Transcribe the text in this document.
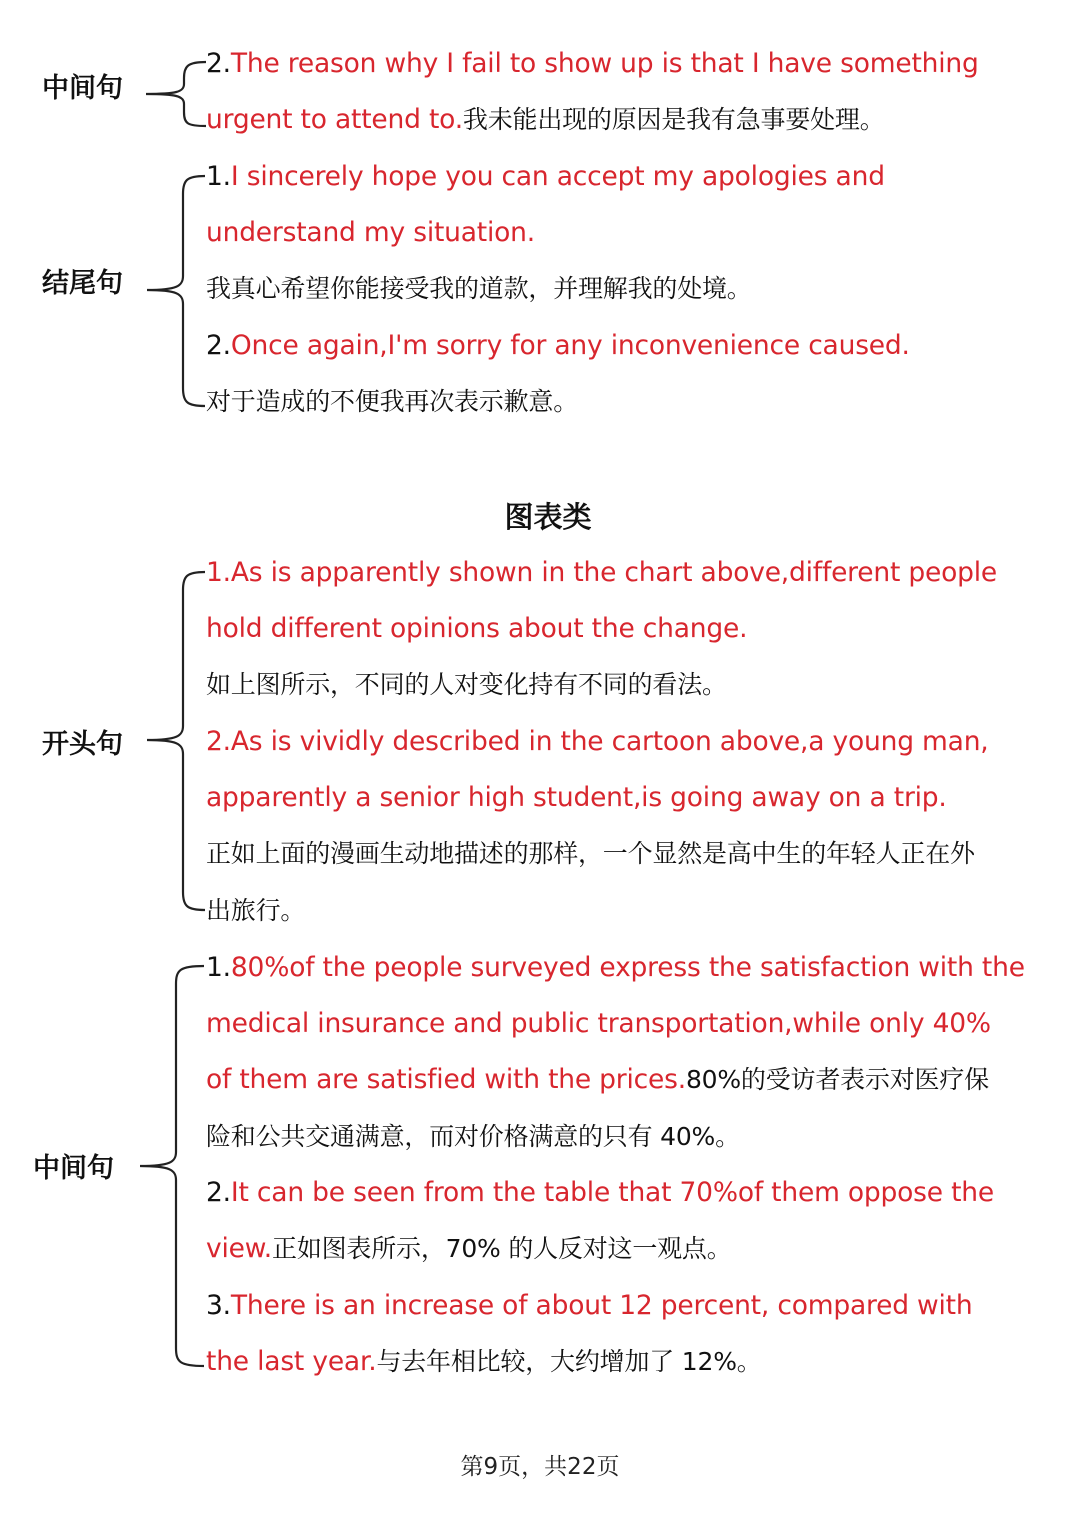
中间句
2.The reason why I fail to show up is that I have something
urgent to attend to.我未能出现的原因是我有急事要处理。
结尾句
1.I sincerely hope you can accept my apologies and
understand my situation.
我真心希望你能接受我的道款，并理解我的处境。
2.Once again,I'm sorry for any inconvenience caused.
对于造成的不便我再次表示歉意。
图表类
开头句
1.As is apparently shown in the chart above,different people
hold different opinions about the change.
如上图所示，不同的人对变化持有不同的看法。
2.As is vividly described in the cartoon above,a young man,
apparently a senior high student,is going away on a trip.
正如上面的漫画生动地描述的那样，一个显然是高中生的年轻人正在外
出旅行。
中间句
1.80%of the people surveyed express the satisfaction with the
medical insurance and public transportation,while only 40%
of them are satisfied with the prices.80%的受访者表示对医疗保
险和公共交通满意，而对价格满意的只有 40%。
2.It can be seen from the table that 70%of them oppose the
view.正如图表所示，70% 的人反对这一观点。
3.There is an increase of about 12 percent, compared with
the last year.与去年相比较，大约增加了 12%。
第9页，共22页
